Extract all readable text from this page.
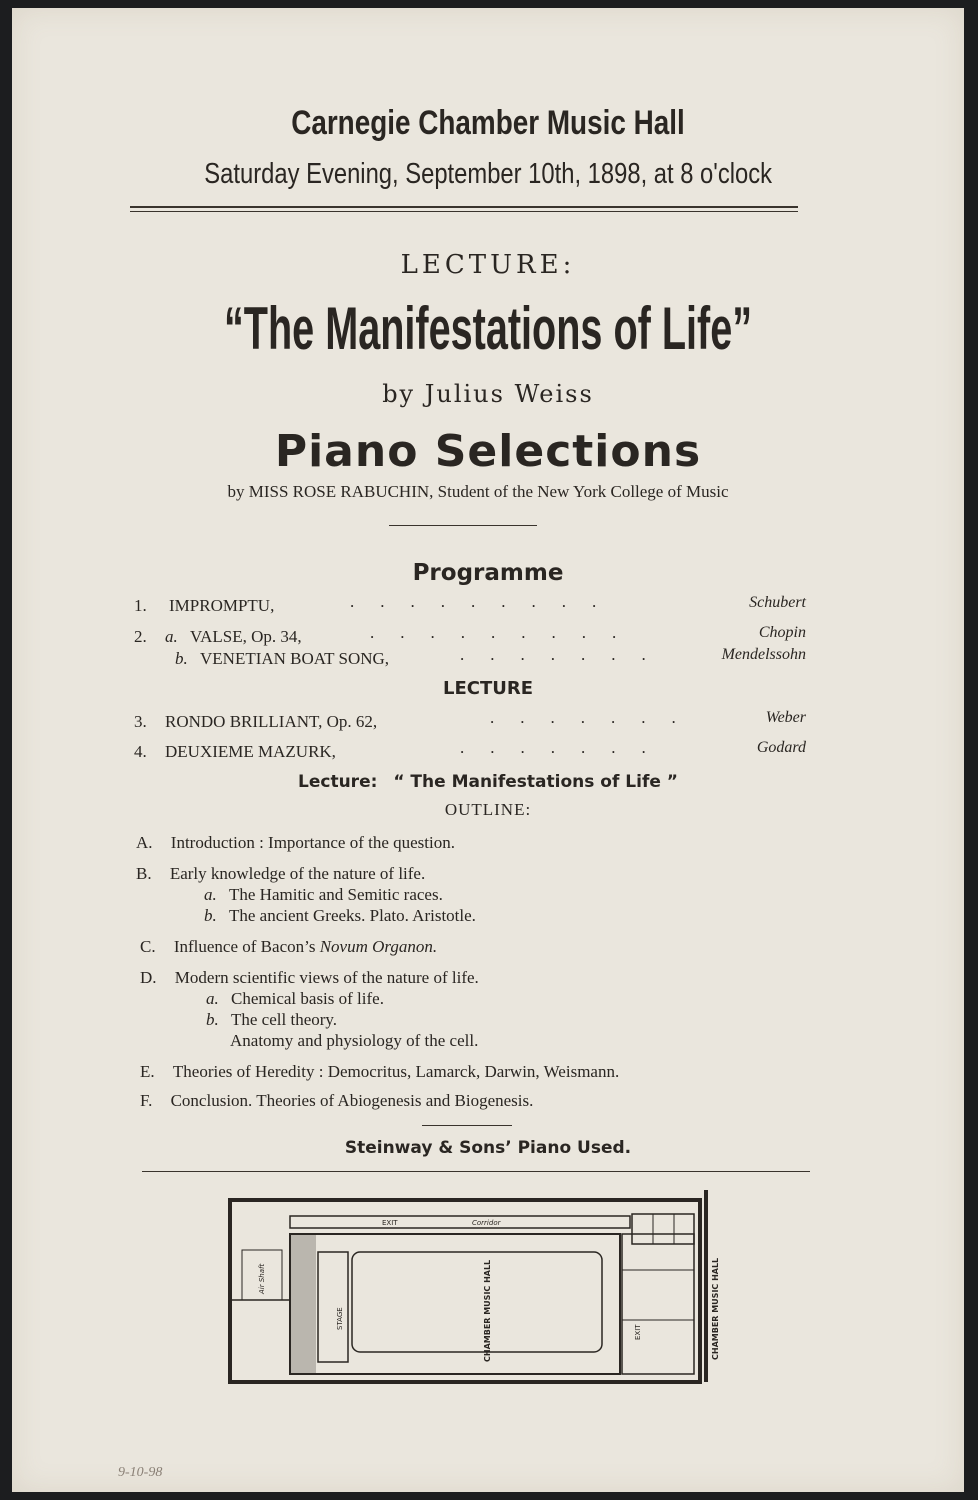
Carnegie Chamber Music Hall
Saturday Evening, September 10th, 1898, at 8 o'clock
LECTURE:
“The Manifestations of Life”
by Julius Weiss
Piano Selections
by MISS ROSE RABUCHIN, Student of the New York College of Music
Programme
1. IMPROMPTU,	.........	Schubert
2. a. VALSE, Op. 34,	.........	Chopin
b. VENETIAN BOAT SONG,	.......	Mendelssohn
LECTURE
3. RONDO BRILLIANT, Op. 62,	.......	Weber
4. DEUXIEME MAZURK,	.......	Godard
Lecture: “ The Manifestations of Life ”
OUTLINE:
A. Introduction : Importance of the question.
B. Early knowledge of the nature of life.
a. The Hamitic and Semitic races.
b. The ancient Greeks. Plato. Aristotle.
C. Influence of Bacon’s Novum Organon.
D. Modern scientific views of the nature of life.
a. Chemical basis of life.
b. The cell theory.
Anatomy and physiology of the cell.
E. Theories of Heredity : Democritus, Lamarck, Darwin, Weismann.
F. Conclusion. Theories of Abiogenesis and Biogenesis.
Steinway & Sons’ Piano Used.
EXIT	Corridor
STAGE	CHAMBER MUSIC HALL	EXIT
Air Shaft	CHAMBER MUSIC HALL
9-10-98
